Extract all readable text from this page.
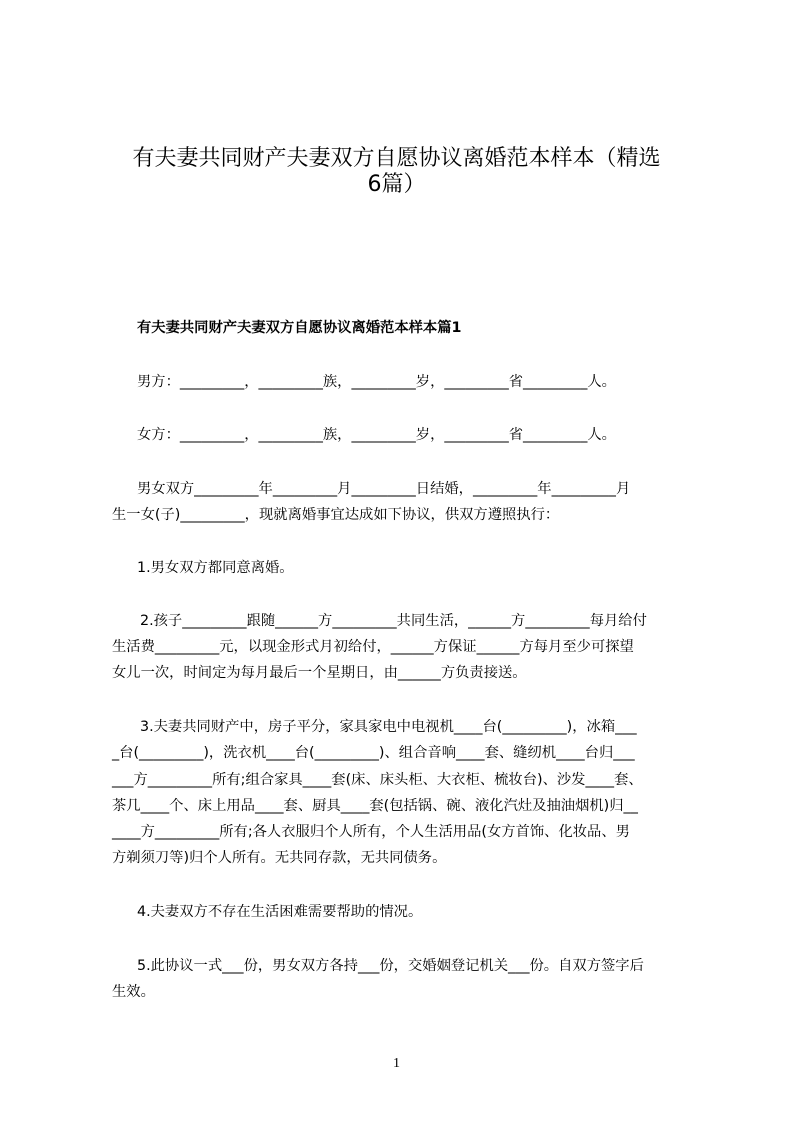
有夫妻共同财产夫妻双方自愿协议离婚范本样本（精选
6篇）
有夫妻共同财产夫妻双方自愿协议离婚范本样本篇1
男方：_________，_________族，_________岁，_________省_________人。
女方：_________，_________族，_________岁，_________省_________人。
男女双方_________年_________月_________日结婚，_________年_________月
生一女(子)_________，现就离婚事宜达成如下协议，供双方遵照执行：
1.男女双方都同意离婚。
2.孩子_________跟随______方_________共同生活，______方_________每月给付
生活费_________元，以现金形式月初给付，______方保证______方每月至少可探望
女儿一次，时间定为每月最后一个星期日，由______方负责接送。
3.夫妻共同财产中，房子平分，家具家电中电视机____台(_________)，冰箱___
_台(_________)，洗衣机____台(_________)、组合音响____套、缝纫机____台归___
___方_________所有;组合家具____套(床、床头柜、大衣柜、梳妆台)、沙发____套、
茶几____个、床上用品____套、厨具____套(包括锅、碗、液化汽灶及抽油烟机)归__
____方_________所有;各人衣服归个人所有，个人生活用品(女方首饰、化妆品、男
方剃须刀等)归个人所有。无共同存款，无共同债务。
4.夫妻双方不存在生活困难需要帮助的情况。
5.此协议一式___份，男女双方各持___份，交婚姻登记机关___份。自双方签字后
生效。
1
